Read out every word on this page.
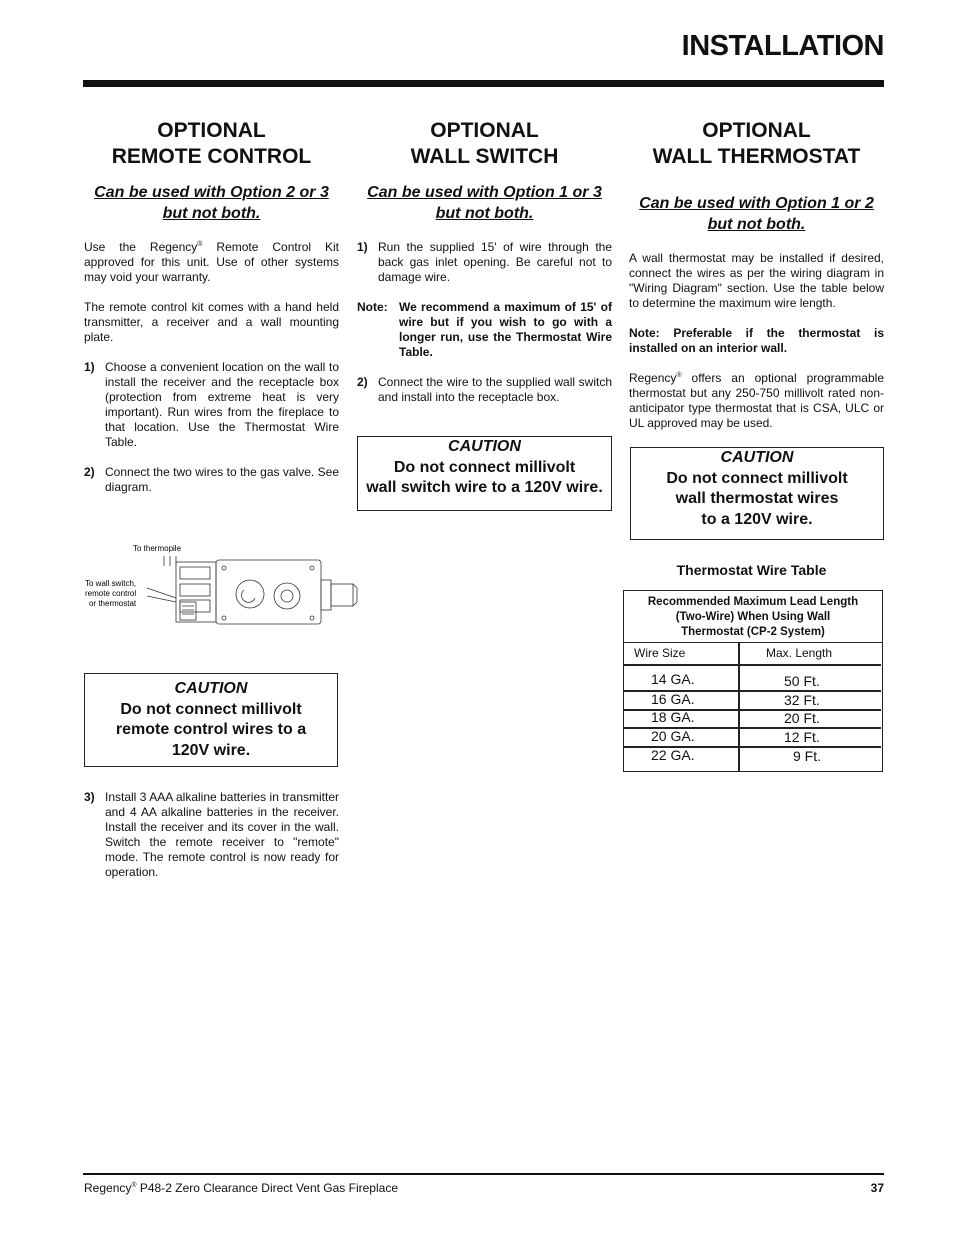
INSTALLATION
OPTIONAL
REMOTE CONTROL
Can be used with Option 2 or 3
but not both.

Use the Regency® Remote Control Kit approved for this unit. Use of other systems may void your warranty.

The remote control kit comes with a hand held transmitter, a receiver and a wall mounting plate.

1) Choose a convenient location on the wall to install the receiver and the receptacle box (protection from extreme heat is very important). Run wires from the fireplace to that location. Use the Thermostat Wire Table.
2) Connect the two wires to the gas valve. See diagram.
To thermopile
To wall switch,
remote control
or thermostat
CAUTION
Do not connect millivolt
remote control wires to a
120V wire.
3) Install 3 AAA alkaline batteries in transmitter and 4 AA alkaline batteries in the receiver. Install the receiver and its cover in the wall. Switch the remote receiver to "remote" mode. The remote control is now ready for operation.
OPTIONAL
WALL SWITCH
Can be used with Option 1 or 3
but not both.
1) Run the supplied 15' of wire through the back gas inlet opening. Be careful not to damage wire.
Note: We recommend a maximum of 15' of wire but if you wish to go with a longer run, use the Thermostat Wire Table.
2) Connect the wire to the supplied wall switch and install into the receptacle box.
CAUTION
Do not connect millivolt
wall switch wire to a 120V wire.
OPTIONAL
WALL THERMOSTAT
Can be used with Option 1 or 2
but not both.

A wall thermostat may be installed if desired, connect the wires as per the wiring diagram in "Wiring Diagram" section. Use the table below to determine the maximum wire length.

Note: Preferable if the thermostat is installed on an interior wall.

Regency® offers an optional programmable thermostat but any 250-750 millivolt rated non-anticipator type thermostat that is CSA, ULC or UL approved may be used.

CAUTION
Do not connect millivolt
wall thermostat wires
to a 120V wire.
Thermostat Wire Table
Recommended Maximum Lead Length
(Two-Wire) When Using Wall
Thermostat (CP-2 System)
Wire Size	Max. Length
14 GA.	50 Ft.
16 GA.	32 Ft.
18 GA.	20 Ft.
20 GA.	12 Ft.
22 GA.	9 Ft.
Regency® P48-2 Zero Clearance Direct Vent Gas Fireplace	37
